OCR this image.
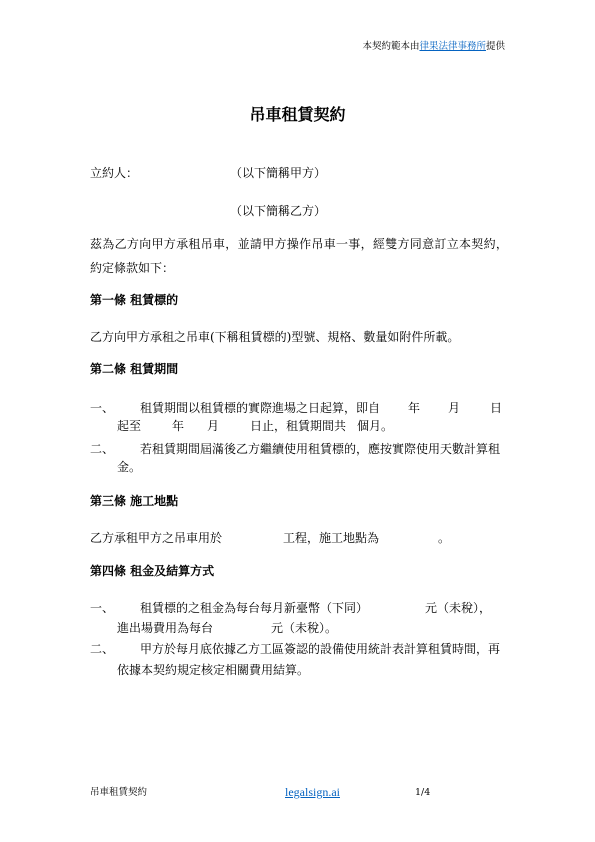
本契約範本由律果法律事務所提供
吊車租賃契約
立約人：	（以下簡稱甲方）
（以下簡稱乙方）
茲為乙方向甲方承租吊車，並請甲方操作吊車一事，經雙方同意訂立本契約，
約定條款如下：
第一條 租賃標的
乙方向甲方承租之吊車(下稱租賃標的)型號、規格、數量如附件所載。
第二條 租賃期間
一、 租賃期間以租賃標的實際進場之日起算，即自 年 月 日
起至	年 月	日止，租賃期間共 個月。
二、 若租賃期間屆滿後乙方繼續使用租賃標的，應按實際使用天數計算租
金。
第三條 施工地點
乙方承租甲方之吊車用於	工程，施工地點為	。
第四條 租金及結算方式
一、 租賃標的之租金為每台每月新臺幣（下同）	元（未稅），
進出場費用為每台	元（未稅）。
二、 甲方於每月底依據乙方工區簽認的設備使用統計表計算租賃時間，再
依據本契約規定核定相關費用結算。
吊車租賃契約	legalsign.ai	1/4
